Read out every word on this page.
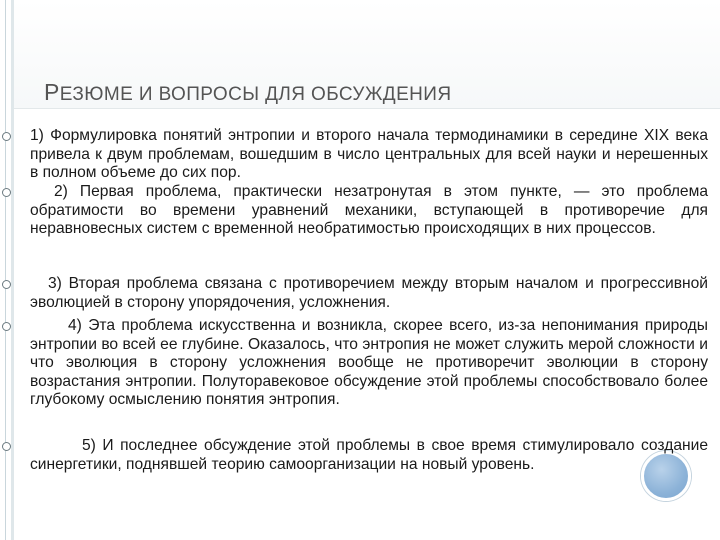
РЕЗЮМЕ И ВОПРОСЫ ДЛЯ ОБСУЖДЕНИЯ
1) Формулировка понятий энтропии и второго начала термодинамики в середине XIX века привела к двум проблемам, вошедшим в число центральных для всей науки и нерешенных в полном объеме до сих пор.
2) Первая проблема, практически незатронутая в этом пункте, — это проблема обратимости во времени уравнений механики, вступающей в противоречие для неравновесных систем с временной необратимостью происходящих в них процессов.
3) Вторая проблема связана с противоречием между вторым началом и прогрессивной эволюцией в сторону упорядочения, усложнения.
4) Эта проблема искусственна и возникла, скорее всего, из-за непонимания природы энтропии во всей ее глубине. Оказалось, что энтропия не может служить мерой сложности и что эволюция в сторону усложнения вообще не противоречит эволюции в сторону возрастания энтропии. Полуторавековое обсуждение этой проблемы способствовало более глубокому осмыслению понятия энтропия.
5) И последнее обсуждение этой проблемы в свое время стимулировало создание синергетики, поднявшей теорию самоорганизации на новый уровень.
